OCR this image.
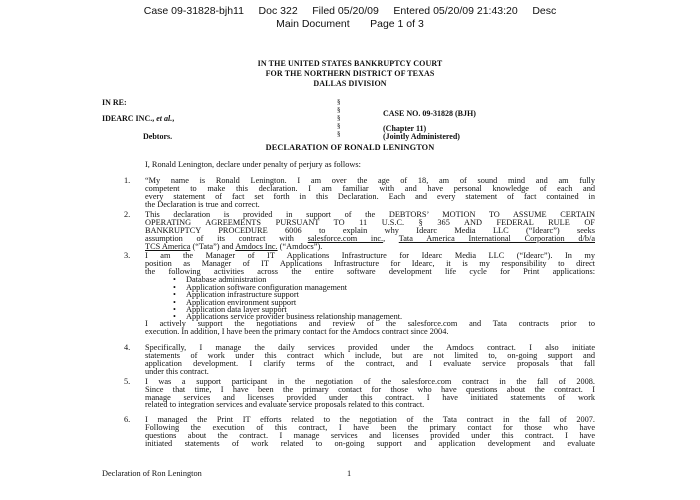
Case 09-31828-bjh11     Doc 322     Filed 05/20/09     Entered 05/20/09 21:43:20     Desc
Main Document       Page 1 of 3
IN THE UNITED STATES BANKRUPTCY COURT
FOR THE NORTHERN DISTRICT OF TEXAS
DALLAS DIVISION
IN RE:
IDEARC INC., et al.,
Debtors.
§
§
§
§
§
CASE NO. 09-31828 (BJH)
(Chapter 11)
(Jointly Administered)
DECLARATION OF RONALD LENINGTON
I, Ronald Lenington, declare under penalty of perjury as follows:
1. “My name is Ronald Lenington. I am over the age of 18, am of sound mind and am fully
competent to make this declaration. I am familiar with and have personal knowledge of each and
every statement of fact set forth in this Declaration. Each and every statement of fact contained in
the Declaration is true and correct.
2. This declaration is provided in support of the DEBTORS’ MOTION TO ASSUME CERTAIN
OPERATING AGREEMENTS PURSUANT TO 11 U.S.C. § 365 AND FEDERAL RULE OF
BANKRUPTCY PROCEDURE 6006 to explain why Idearc Media LLC (“Idearc”) seeks
assumption of its contract with salesforce.com inc., Tata America International Corporation d/b/a
TCS America (“Tata”) and Amdocs Inc. (“Amdocs”).
3. I am the Manager of IT Applications Infrastructure for Idearc Media LLC (“Idearc”). In my
position as Manager of IT Applications Infrastructure for Idearc, it is my responsibility to direct
the following activities across the entire software development life cycle for Print applications:
• Database administration
• Application software configuration management
• Application infrastructure support
• Application environment support
• Application data layer support
• Applications service provider business relationship management.
I actively support the negotiations and review of the salesforce.com and Tata contracts prior to
execution. In addition, I have been the primary contact for the Amdocs contract since 2004.
4. Specifically, I manage the daily services provided under the Amdocs contract. I also initiate
statements of work under this contract which include, but are not limited to, on-going support and
application development. I clarify terms of the contract, and I evaluate service proposals that fall
under this contract.
5. I was a support participant in the negotiation of the salesforce.com contract in the fall of 2008.
Since that time, I have been the primary contact for those who have questions about the contract. I
manage services and licenses provided under this contract. I have initiated statements of work
related to integration services and evaluate service proposals related to this contract.
6. I managed the Print IT efforts related to the negotiation of the Tata contract in the fall of 2007.
Following the execution of this contract, I have been the primary contact for those who have
questions about the contract. I manage services and licenses provided under this contract. I have
initiated statements of work related to on-going support and application development and evaluate
Declaration of Ron Lenington	1
